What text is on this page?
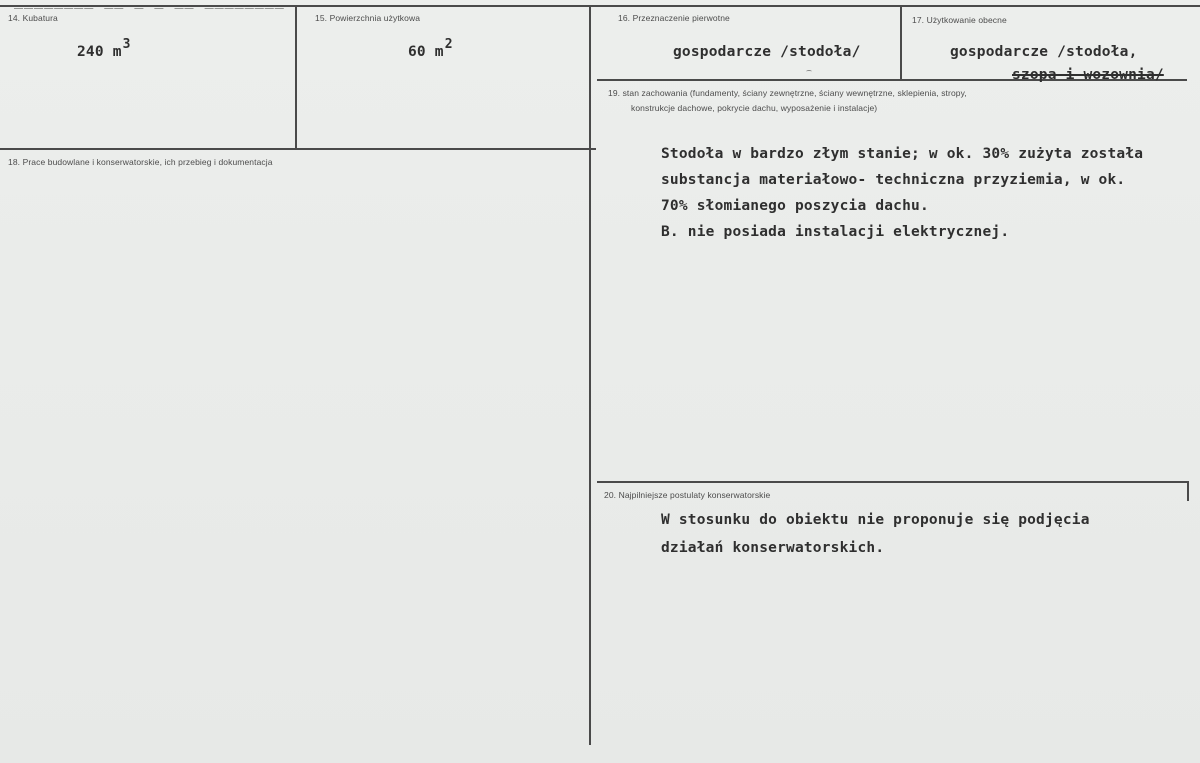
14. Kubatura
240 m3
15. Powierzchnia użytkowa
60 m2
16. Przeznaczenie pierwotne
gospodarcze /stodoła/
17. Użytkowanie obecne
gospodarcze /stodoła,
szopa i wozownia/
18. Prace budowlane i konserwatorskie, ich przebieg i dokumentacja
19. stan zachowania (fundamenty, ściany zewnętrzne, ściany wewnętrzne, sklepienia, stropy,
konstrukcje dachowe, pokrycie dachu, wyposażenie i instalacje)
Stodoła w bardzo złym stanie; w ok. 30% zużyta została
substancja materiałowo- techniczna przyziemia, w ok.
70% słomianego poszycia dachu.
B. nie posiada instalacji elektrycznej.
20. Najpilniejsze postulaty konserwatorskie
W stosunku do obiektu nie proponuje się podjęcia
działań konserwatorskich.
